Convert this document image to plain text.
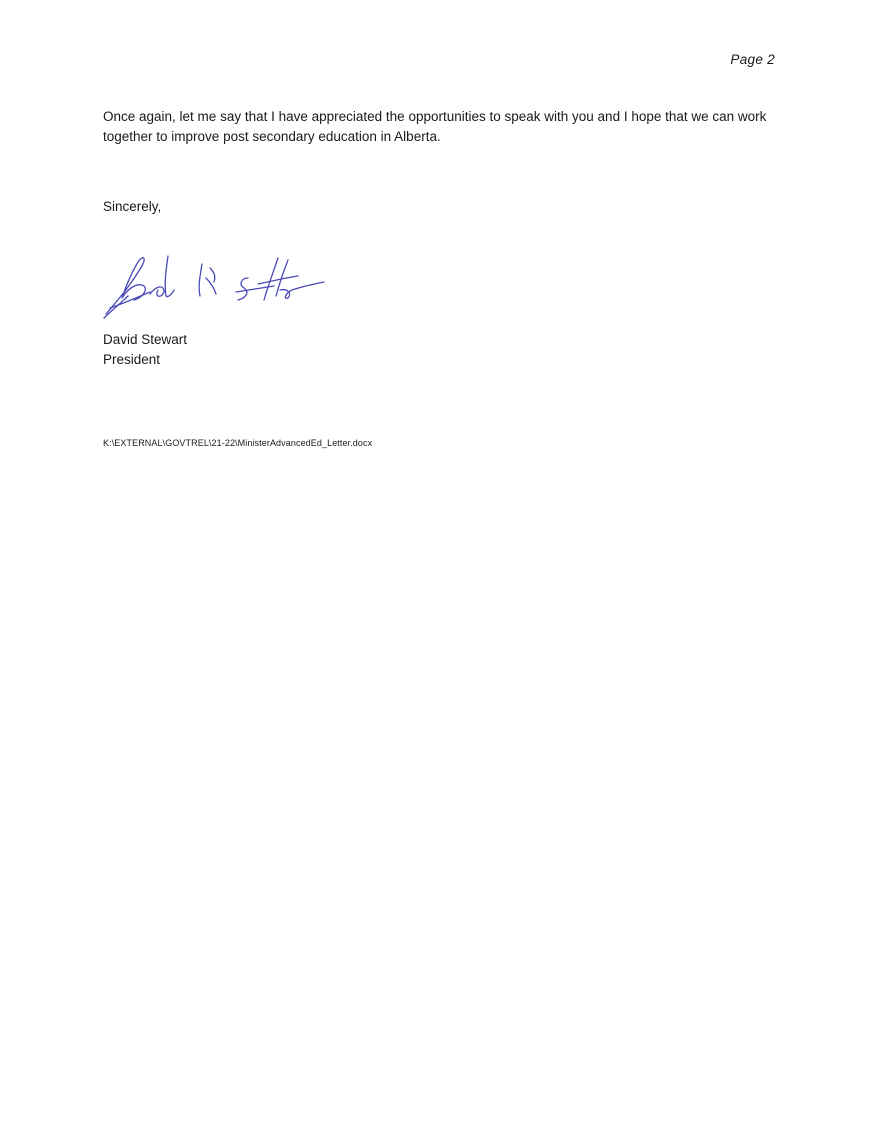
Page 2

Once again, let me say that I have appreciated the opportunities to speak with you and I hope that we can work together to improve post secondary education in Alberta.

Sincerely,
David Stewart
President
K:\EXTERNAL\GOVTREL\21-22\MinisterAdvancedEd_Letter.docx
